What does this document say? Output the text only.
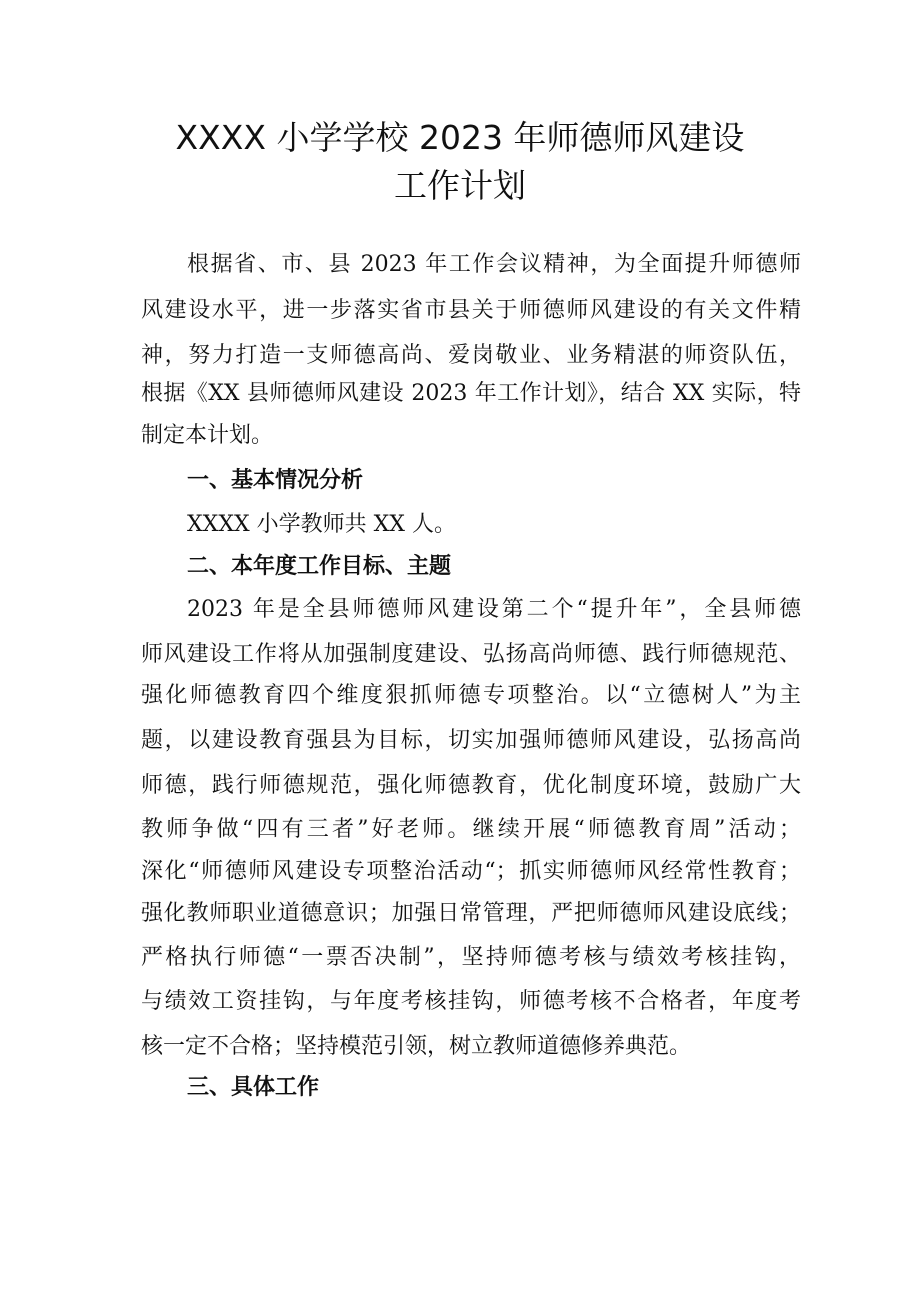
XXXX 小学学校 2023 年师德师风建设
工作计划

根据省、市、县 2023 年工作会议精神，为全面提升师德师

风建设水平，进一步落实省市县关于师德师风建设的有关文件精

神，努力打造一支师德高尚、爱岗敬业、业务精湛的师资队伍，

根据《XX 县师德师风建设 2023 年工作计划》，结合 XX 实际，特

制定本计划。

一、基本情况分析

XXXX 小学教师共 XX 人。

二、本年度工作目标、主题

2023 年是全县师德师风建设第二个“提升年”，全县师德

师风建设工作将从加强制度建设、弘扬高尚师德、践行师德规范、

强化师德教育四个维度狠抓师德专项整治。以“立德树人”为主

题，以建设教育强县为目标，切实加强师德师风建设，弘扬高尚

师德，践行师德规范，强化师德教育，优化制度环境，鼓励广大

教师争做“四有三者”好老师。继续开展“师德教育周”活动；

深化“师德师风建设专项整治活动“；抓实师德师风经常性教育；

强化教师职业道德意识；加强日常管理，严把师德师风建设底线；

严格执行师德“一票否决制”，坚持师德考核与绩效考核挂钩，

与绩效工资挂钩，与年度考核挂钩，师德考核不合格者，年度考

核一定不合格；坚持模范引领，树立教师道德修养典范。

三、具体工作
